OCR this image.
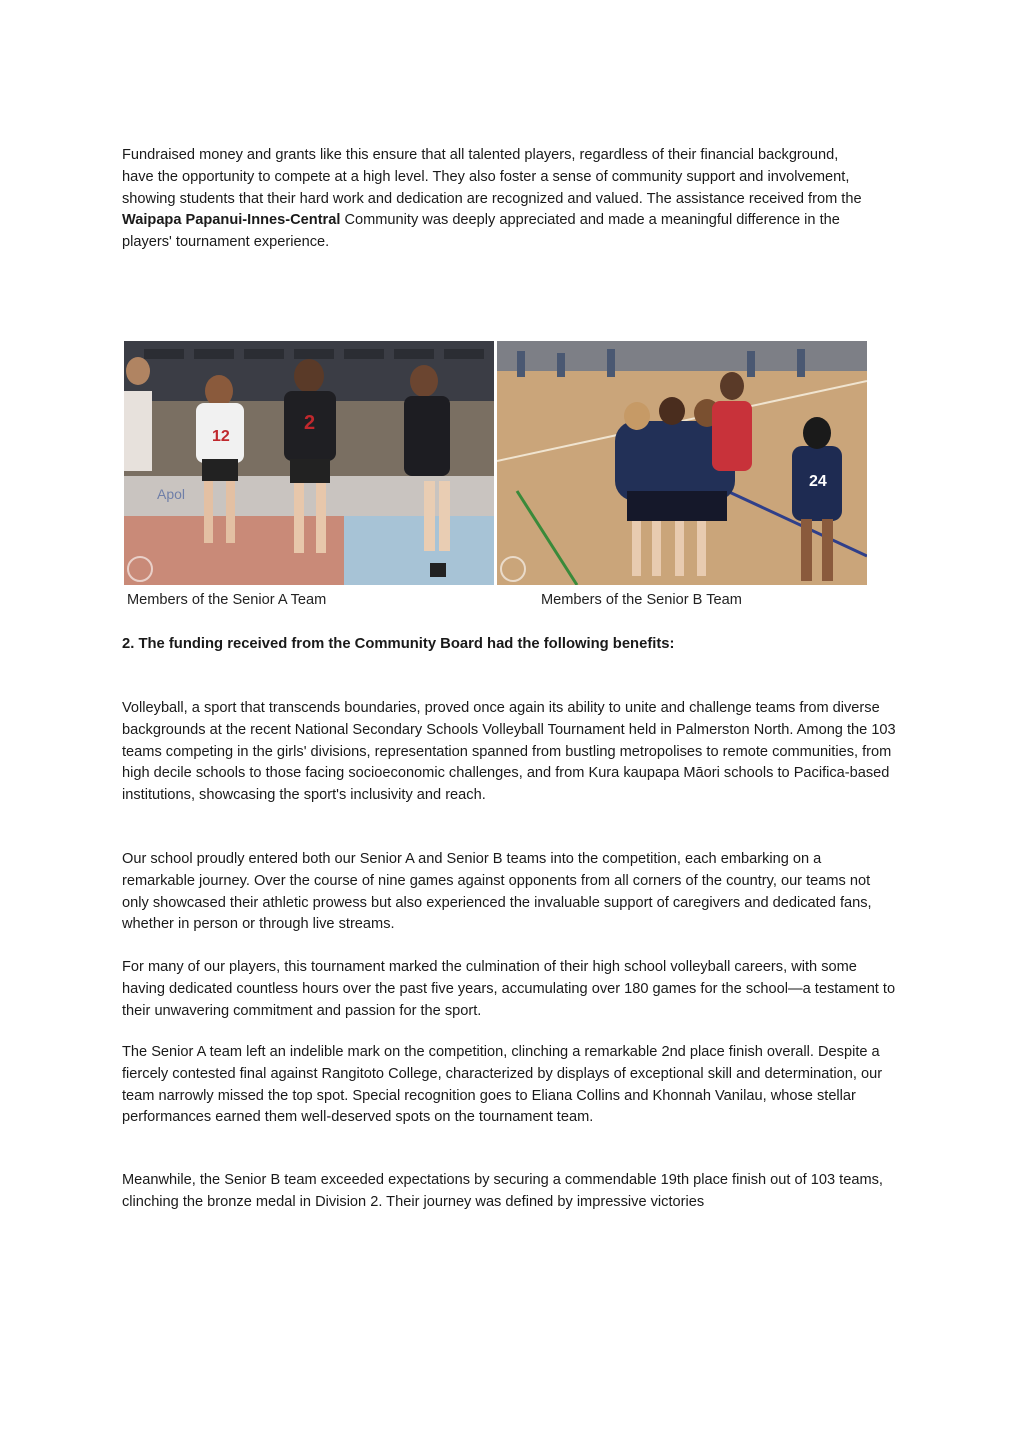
Fundraised money and grants like this ensure that all talented players, regardless of their financial background, have the opportunity to compete at a high level. They also foster a sense of community support and involvement, showing students that their hard work and dedication are recognized and valued. The assistance received from the Waipapa Papanui-Innes-Central Community was deeply appreciated and made a meaningful difference in the players' tournament experience.

Apol
12
2
24

Members of the Senior A Team	Members of the Senior B Team

2. The funding received from the Community Board had the following benefits:

Volleyball, a sport that transcends boundaries, proved once again its ability to unite and challenge teams from diverse backgrounds at the recent National Secondary Schools Volleyball Tournament held in Palmerston North. Among the 103 teams competing in the girls' divisions, representation spanned from bustling metropolises to remote communities, from high decile schools to those facing socioeconomic challenges, and from Kura kaupapa Māori schools to Pacifica-based institutions, showcasing the sport's inclusivity and reach.

Our school proudly entered both our Senior A and Senior B teams into the competition, each embarking on a remarkable journey. Over the course of nine games against opponents from all corners of the country, our teams not only showcased their athletic prowess but also experienced the invaluable support of caregivers and dedicated fans, whether in person or through live streams.

For many of our players, this tournament marked the culmination of their high school volleyball careers, with some having dedicated countless hours over the past five years, accumulating over 180 games for the school—a testament to their unwavering commitment and passion for the sport.

The Senior A team left an indelible mark on the competition, clinching a remarkable 2nd place finish overall. Despite a fiercely contested final against Rangitoto College, characterized by displays of exceptional skill and determination, our team narrowly missed the top spot. Special recognition goes to Eliana Collins and Khonnah Vanilau, whose stellar performances earned them well-deserved spots on the tournament team.

Meanwhile, the Senior B team exceeded expectations by securing a commendable 19th place finish out of 103 teams, clinching the bronze medal in Division 2. Their journey was defined by impressive victories
